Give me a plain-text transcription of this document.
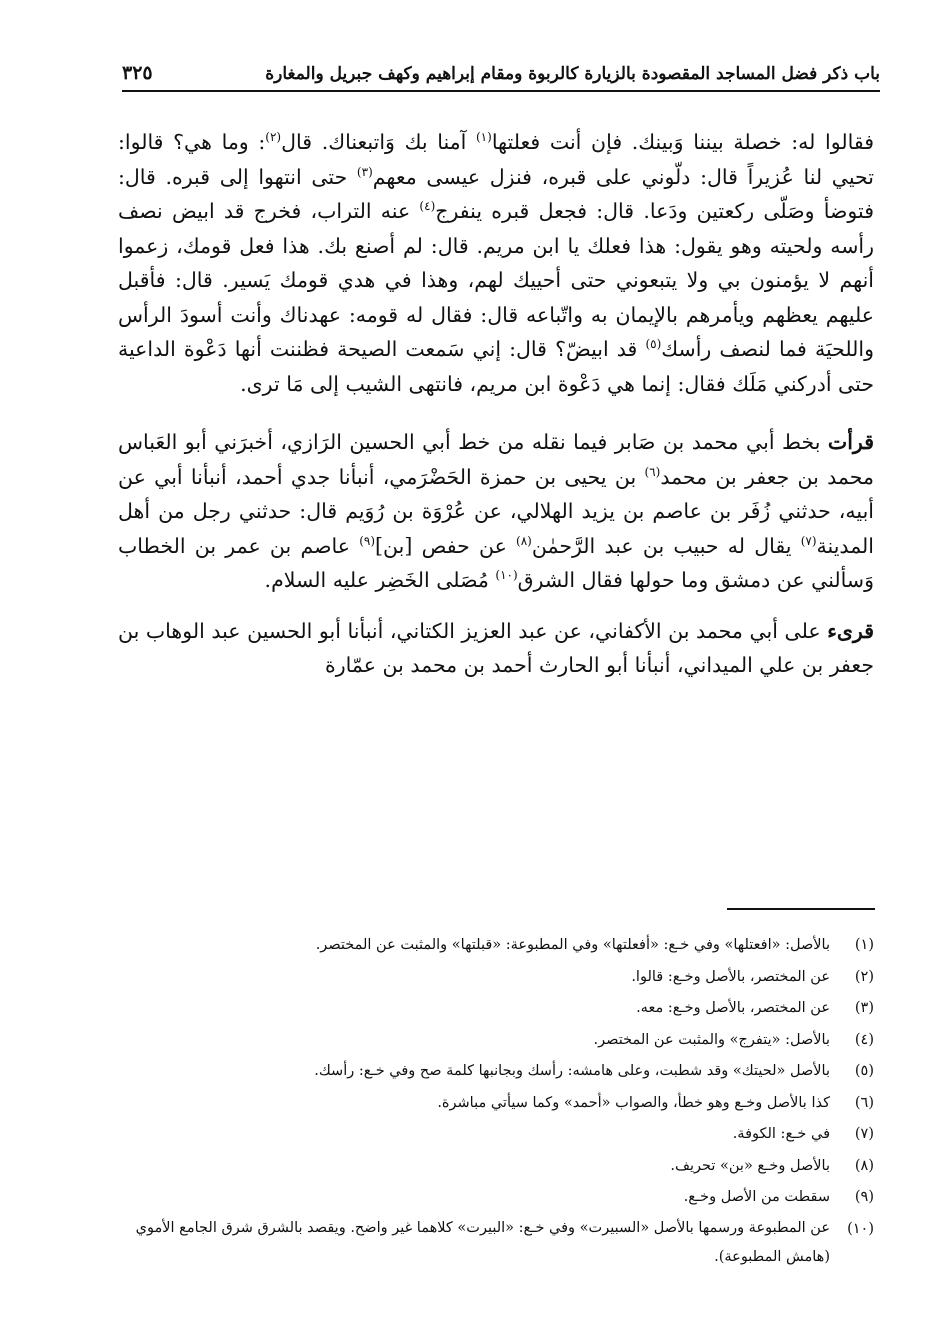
باب ذكر فضل المساجد المقصودة بالزيارة كالربوة ومقام إبراهيم وكهف جبريل والمغارة
٣٢٥

فقالوا له: خصلة بيننا وَبينك. فإن أنت فعلتها$^{(١)}$ آمنا بك وَاتبعناك. قال$^{(٢)}$: وما هي؟ قالوا: تحيي لنا عُزيراً قال: دلّوني على قبره، فنزل عيسى معهم$^{(٣)}$ حتى انتهوا إلى قبره. قال: فتوضأ وصَلّى ركعتين ودَعا. قال: فجعل قبره ينفرج$^{(٤)}$ عنه التراب، فخرج قد ابيض نصف رأسه ولحيته وهو يقول: هذا فعلك يا ابن مريم. قال: لم أصنع بك. هذا فعل قومك، زعموا أنهم لا يؤمنون بي ولا يتبعوني حتى أحييك لهم، وهذا في هدي قومك يَسير. قال: فأقبل عليهم يعظهم ويأمرهم بالإيمان به واتّباعه قال: فقال له قومه: عهدناك وأنت أسودَ الرأس واللحيَة فما لنصف رأسك$^{(٥)}$ قد ابيضّ؟ قال: إني سَمعت الصيحة فظننت أنها دَعْوة الداعية حتى أدركني مَلَك فقال: إنما هي دَعْوة ابن مريم، فانتهى الشيب إلى مَا ترى.

قرأت بخط أبي محمد بن صَابر فيما نقله من خط أبي الحسين الرَازي، أخبرَني أبو العَباس محمد بن جعفر بن محمد$^{(٦)}$ بن يحيى بن حمزة الحَضْرَمي، أنبأنا جدي أحمد، أنبأنا أبي عن أبيه، حدثني زُفَر بن عاصم بن يزيد الهلالي، عن عُرْوَة بن رُوَيم قال: حدثني رجل من أهل المدينة$^{(٧)}$ يقال له حبيب بن عبد الرَّحمٰن$^{(٨)}$ عن حفص [بن]$^{(٩)}$ عاصم بن عمر بن الخطاب وَسألني عن دمشق وما حولها فقال الشرق$^{(١٠)}$ مُصَلى الخَضِر عليه السلام.

قرىء على أبي محمد بن الأكفاني، عن عبد العزيز الكتاني، أنبأنا أبو الحسين عبد الوهاب بن جعفر بن علي الميداني، أنبأنا أبو الحارث أحمد بن محمد بن عمّارة

(١)
بالأصل: «افعتلها» وفي خـع: «أفعلتها» وفي المطبوعة: «قبلتها» والمثبت عن المختصر.
(٢)
عن المختصر، بالأصل وخـع: قالوا.
(٣)
عن المختصر، بالأصل وخـع: معه.
(٤)
بالأصل: «يتفرج» والمثبت عن المختصر.
(٥)
بالأصل «لحيتك» وقد شطبت، وعلى هامشه: رأسك وبجانبها كلمة صح وفي خـع: رأسك.
(٦)
كذا بالأصل وخـع وهو خطأ، والصواب «أحمد» وكما سيأتي مباشرة.
(٧)
في خـع: الكوفة.
(٨)
بالأصل وخـع «بن» تحريف.
(٩)
سقطت من الأصل وخـع.
(١٠)
عن المطبوعة ورسمها بالأصل «السبيرت» وفي خـع: «البيرت» كلاهما غير واضح. ويقصد بالشرق شرق الجامع الأموي (هامش المطبوعة).
